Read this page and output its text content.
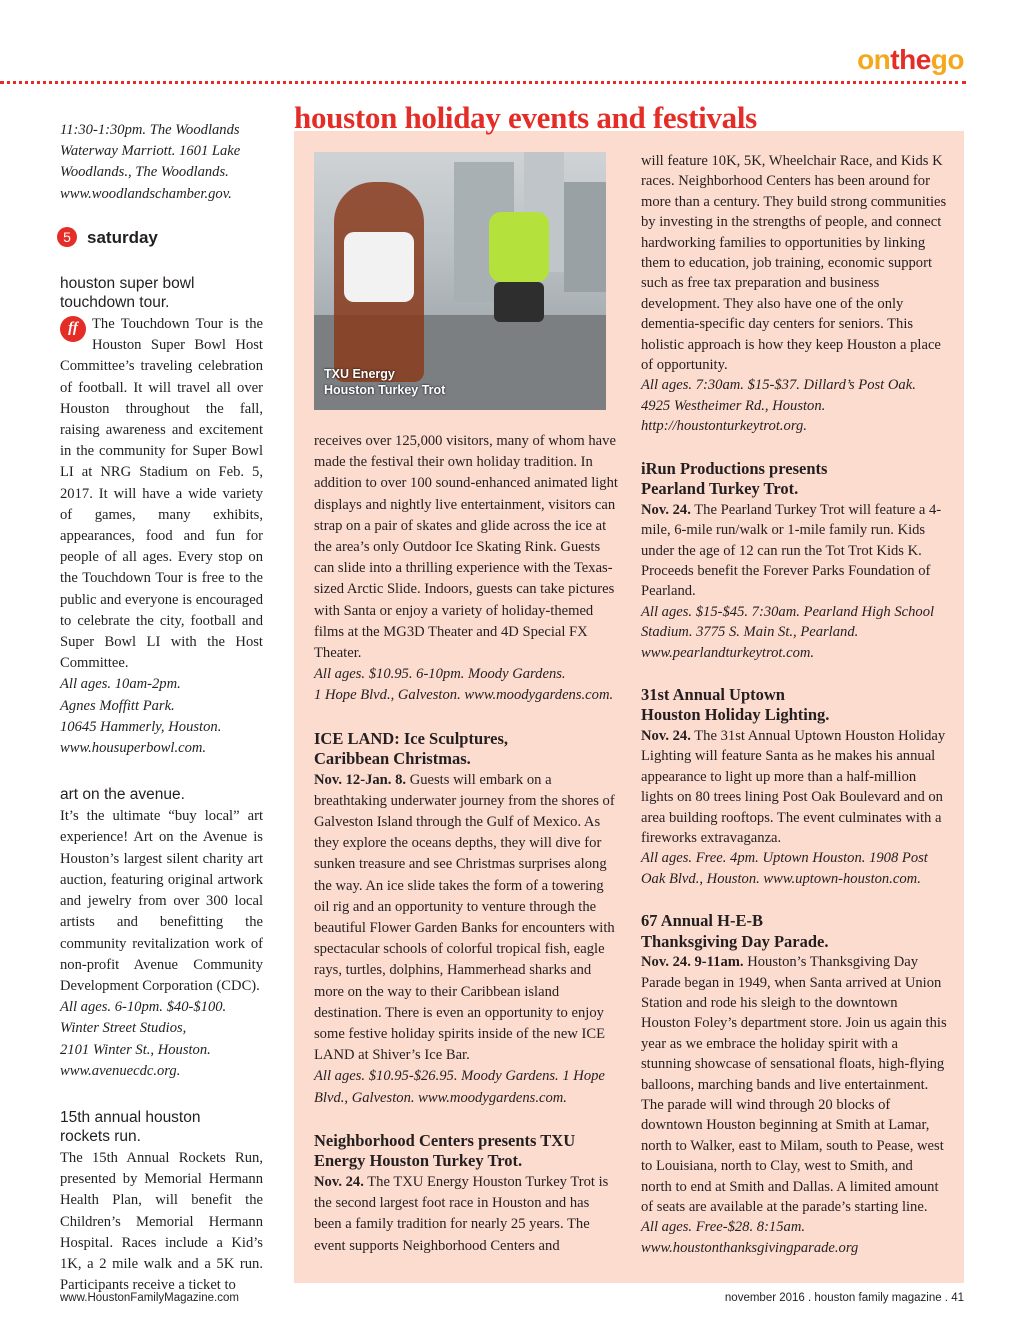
onthego
houston holiday events and festivals

11:30-1:30pm. The Woodlands

Waterway Marriott. 1601 Lake

Woodlands., The Woodlands.

www.woodlandschamber.gov.

5 saturday
houston super bowl
touchdown tour.

ff The Touchdown Tour is the Houston Super Bowl Host Committee’s traveling celebration of football. It will travel all over Houston throughout the fall, raising awareness and excitement in the community for Super Bowl LI at NRG Stadium on Feb. 5, 2017. It will have a wide variety of games, many exhibits, appearances, food and fun for people of all ages. Every stop on the Touchdown Tour is free to the public and everyone is encouraged to celebrate the city, football and Super Bowl LI with the Host Committee.

All ages. 10am-2pm.

Agnes Moffitt Park.

10645 Hammerly, Houston.

www.housuperbowl.com.

art on the avenue.

It’s the ultimate “buy local” art experience! Art on the Avenue is Houston’s largest silent charity art auction, featuring original artwork and jewelry from over 300 local artists and benefitting the community revitalization work of non-profit Avenue Community Development Corporation (CDC).

All ages. 6-10pm. $40-$100.

Winter Street Studios,

2101 Winter St., Houston.

www.avenuecdc.org.

15th annual houston
rockets run.

The 15th Annual Rockets Run, presented by Memorial Hermann Health Plan, will benefit the Children’s Memorial Hermann Hospital. Races include a Kid’s 1K, a 2 mile walk and a 5K run. Participants receive a ticket to

TXU Energy
Houston Turkey Trot

receives over 125,000 visitors, many of whom have made the festival their own holiday tradition. In addition to over 100 sound-enhanced animated light displays and nightly live entertainment, visitors can strap on a pair of skates and glide across the ice at the area’s only Outdoor Ice Skating Rink. Guests can slide into a thrilling experience with the Texas-sized Arctic Slide. Indoors, guests can take pictures with Santa or enjoy a variety of holiday-themed films at the MG3D Theater and 4D Special FX Theater.

All ages. $10.95. 6-10pm. Moody Gardens.

1 Hope Blvd., Galveston. www.moodygardens.com.

ICE LAND: Ice Sculptures,
Caribbean Christmas.

Nov. 12-Jan. 8. Guests will embark on a breathtaking underwater journey from the shores of Galveston Island through the Gulf of Mexico. As they explore the oceans depths, they will dive for sunken treasure and see Christmas surprises along the way. An ice slide takes the form of a towering oil rig and an opportunity to venture through the beautiful Flower Garden Banks for encounters with spectacular schools of colorful tropical fish, eagle rays, turtles, dolphins, Hammerhead sharks and more on the way to their Caribbean island destination. There is even an opportunity to enjoy some festive holiday spirits inside of the new ICE LAND at Shiver’s Ice Bar.

All ages. $10.95-$26.95. Moody Gardens. 1 Hope Blvd., Galveston. www.moodygardens.com.

Neighborhood Centers presents TXU
Energy Houston Turkey Trot.

Nov. 24. The TXU Energy Houston Turkey Trot is the second largest foot race in Houston and has been a family tradition for nearly 25 years. The event supports Neighborhood Centers and

will feature 10K, 5K, Wheelchair Race, and Kids K races. Neighborhood Centers has been around for more than a century. They build strong communities by investing in the strengths of people, and connect hardworking families to opportunities by linking them to education, job training, economic support such as free tax preparation and business development. They also have one of the only dementia-specific day centers for seniors. This holistic approach is how they keep Houston a place of opportunity.

All ages. 7:30am. $15-$37. Dillard’s Post Oak.

4925 Westheimer Rd., Houston.

http://houstonturkeytrot.org.

iRun Productions presents
Pearland Turkey Trot.

Nov. 24. The Pearland Turkey Trot will feature a 4-mile, 6-mile run/walk or 1-mile family run. Kids under the age of 12 can run the Tot Trot Kids K. Proceeds benefit the Forever Parks Foundation of Pearland.

All ages. $15-$45. 7:30am. Pearland High School Stadium. 3775 S. Main St., Pearland. www.pearlandturkeytrot.com.

31st Annual Uptown
Houston Holiday Lighting.

Nov. 24. The 31st Annual Uptown Houston Holiday Lighting will feature Santa as he makes his annual appearance to light up more than a half-million lights on 80 trees lining Post Oak Boulevard and on area building rooftops. The event culminates with a fireworks extravaganza.

All ages. Free. 4pm. Uptown Houston. 1908 Post Oak Blvd., Houston. www.uptown-houston.com.

67 Annual H-E-B
Thanksgiving Day Parade.

Nov. 24. 9-11am. Houston’s Thanksgiving Day Parade began in 1949, when Santa arrived at Union Station and rode his sleigh to the downtown Houston Foley’s department store. Join us again this year as we embrace the holiday spirit with a stunning showcase of sensational floats, high-flying balloons, marching bands and live entertainment. The parade will wind through 20 blocks of downtown Houston beginning at Smith at Lamar, north to Walker, east to Milam, south to Pease, west to Louisiana, north to Clay, west to Smith, and north to end at Smith and Dallas. A limited amount of seats are available at the parade’s starting line.

All ages. Free-$28. 8:15am.

www.houstonthanksgivingparade.org

www.HoustonFamilyMagazine.com	november 2016 . houston family magazine . 41
